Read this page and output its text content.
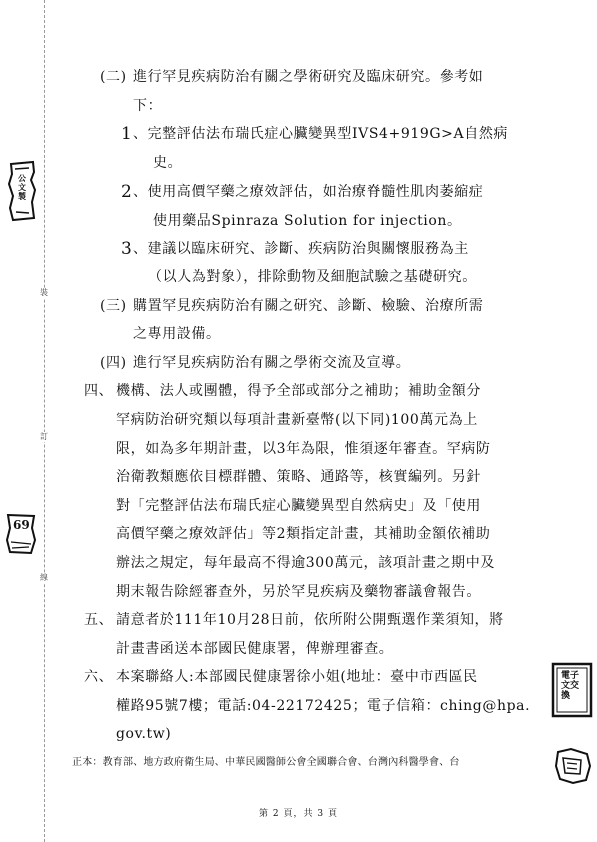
裝
訂
線
(二) 進行罕見疾病防治有關之學術研究及臨床研究。參考如
下：
1 、完整評估法布瑞氏症心臟變異型IVS4+919G>A自然病
史。
2 、使用高價罕藥之療效評估，如治療脊髓性肌肉萎縮症
使用藥品Spinraza Solution for injection。
3 、建議以臨床研究、診斷、疾病防治與關懷服務為主
（以人為對象），排除動物及細胞試驗之基礎研究。
(三) 購置罕見疾病防治有關之研究、診斷、檢驗、治療所需
之專用設備。
(四) 進行罕見疾病防治有關之學術交流及宣導。
四、 機構、法人或團體，得予全部或部分之補助；補助金額分
罕病防治研究類以每項計畫新臺幣(以下同)100萬元為上
限，如為多年期計畫，以3年為限，惟須逐年審查。罕病防
治衛教類應依目標群體、策略、通路等，核實編列。另針
對「完整評估法布瑞氏症心臟變異型自然病史」及「使用
高價罕藥之療效評估」等2類指定計畫，其補助金額依補助
辦法之規定，每年最高不得逾300萬元，該項計畫之期中及
期末報告除經審查外，另於罕見疾病及藥物審議會報告。
五、 請意者於111年10月28日前，依所附公開甄選作業須知，將
計畫書函送本部國民健康署，俾辦理審查。
六、 本案聯絡人:本部國民健康署徐小姐(地址：臺中市西區民
權路95號7樓；電話:04-22172425；電子信箱：ching@hpa.
gov.tw)
正本：教育部、地方政府衛生局、中華民國醫師公會全國聯合會、台灣內科醫學會、台
第 2 頁，共 3 頁
公文製
69
電子文交換
